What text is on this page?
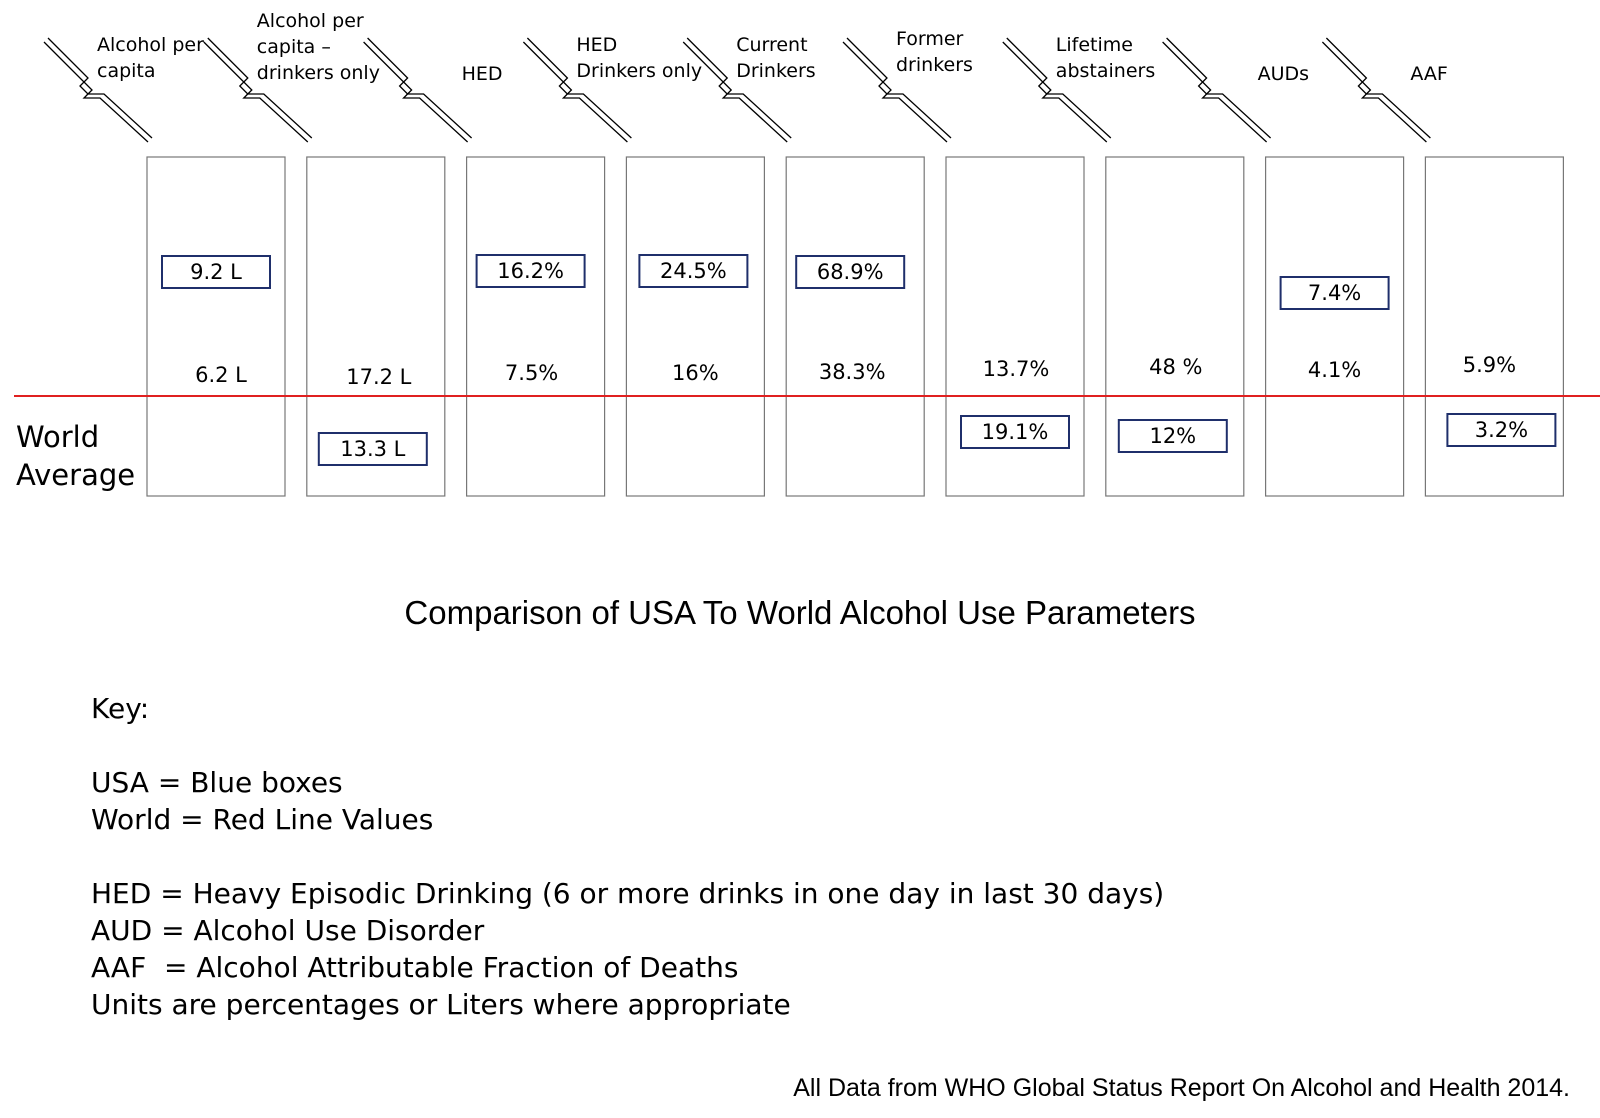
Alcohol per
capita
6.2 L
9.2 L
Alcohol per
capita –
drinkers only
17.2 L
13.3 L
HED
7.5%
16.2%
HED
Drinkers only
16%
24.5%
Current
Drinkers
38.3%
68.9%
Former
drinkers
13.7%
19.1%
Lifetime
abstainers
48 %
12%
AUDs
4.1%
7.4%
AAF
5.9%
3.2%
World
Average
Comparison of USA To World Alcohol Use Parameters
Key:
USA = Blue boxes
World = Red Line Values
HED = Heavy Episodic Drinking (6 or more drinks in one day in last 30 days)
AUD = Alcohol Use Disorder
AAF  = Alcohol Attributable Fraction of Deaths
Units are percentages or Liters where appropriate
All Data from WHO Global Status Report On Alcohol and Health 2014.
